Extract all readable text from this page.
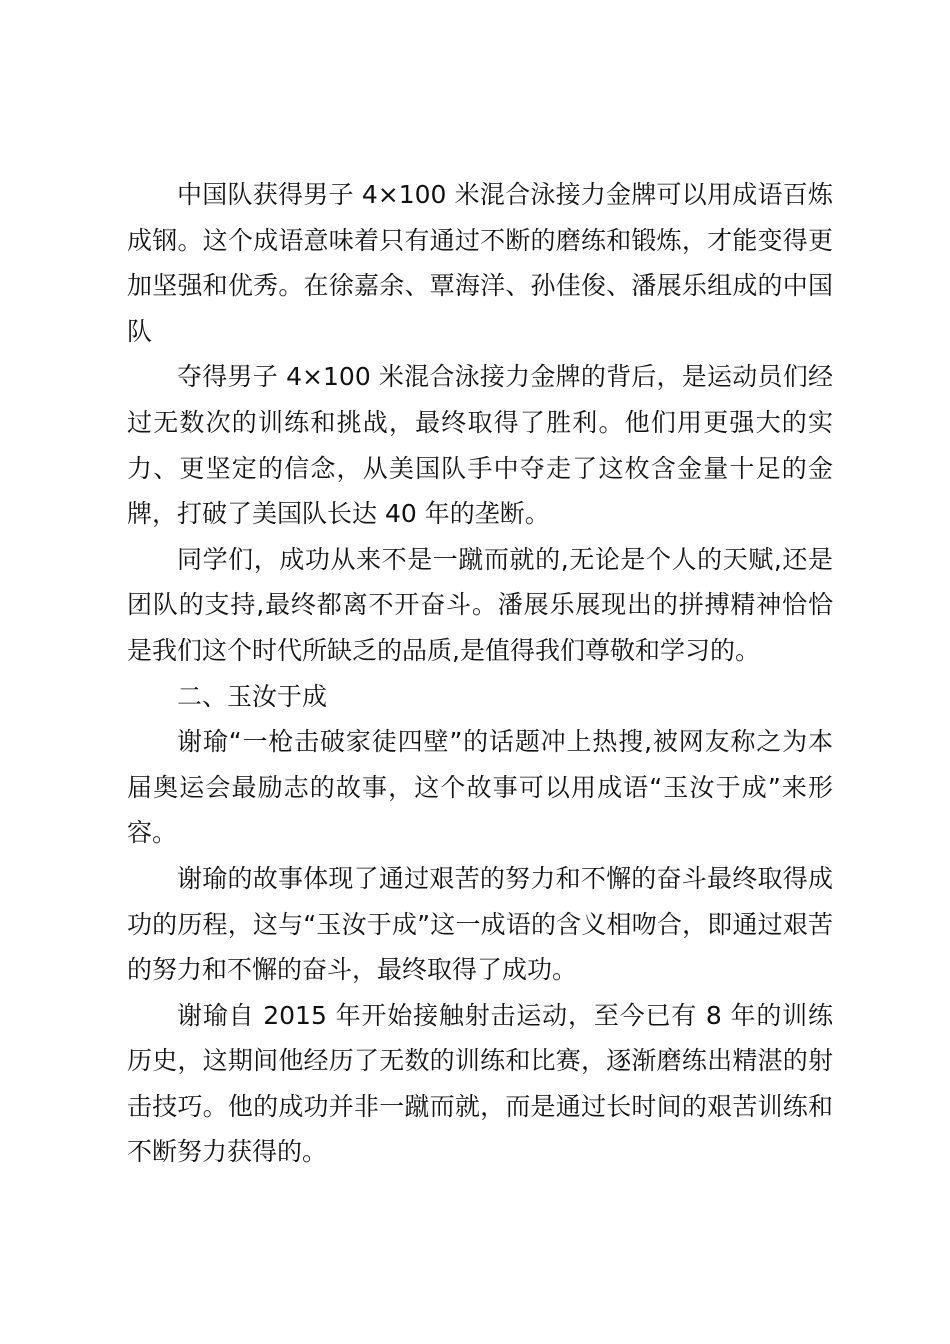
中国队获得男子 4×100 米混合泳接力金牌可以用成语百炼成钢。这个成语意味着只有通过不断的磨练和锻炼，才能变得更加坚强和优秀。在徐嘉余、覃海洋、孙佳俊、潘展乐组成的中国队

夺得男子 4×100 米混合泳接力金牌的背后，是运动员们经过无数次的训练和挑战，最终取得了胜利。他们用更强大的实力、更坚定的信念，从美国队手中夺走了这枚含金量十足的金牌，打破了美国队长达 40 年的垄断。

同学们，成功从来不是一蹴而就的,无论是个人的天赋,还是团队的支持,最终都离不开奋斗。潘展乐展现出的拼搏精神恰恰是我们这个时代所缺乏的品质,是值得我们尊敬和学习的。

二、玉汝于成

谢瑜“一枪击破家徒四壁”的话题冲上热搜,被网友称之为本届奥运会最励志的故事，这个故事可以用成语“玉汝于成”来形容。

谢瑜的故事体现了通过艰苦的努力和不懈的奋斗最终取得成功的历程，这与“玉汝于成”这一成语的含义相吻合，即通过艰苦的努力和不懈的奋斗，最终取得了成功。

谢瑜自 2015 年开始接触射击运动，至今已有 8 年的训练历史，这期间他经历了无数的训练和比赛，逐渐磨练出精湛的射击技巧。他的成功并非一蹴而就，而是通过长时间的艰苦训练和不断努力获得的。
